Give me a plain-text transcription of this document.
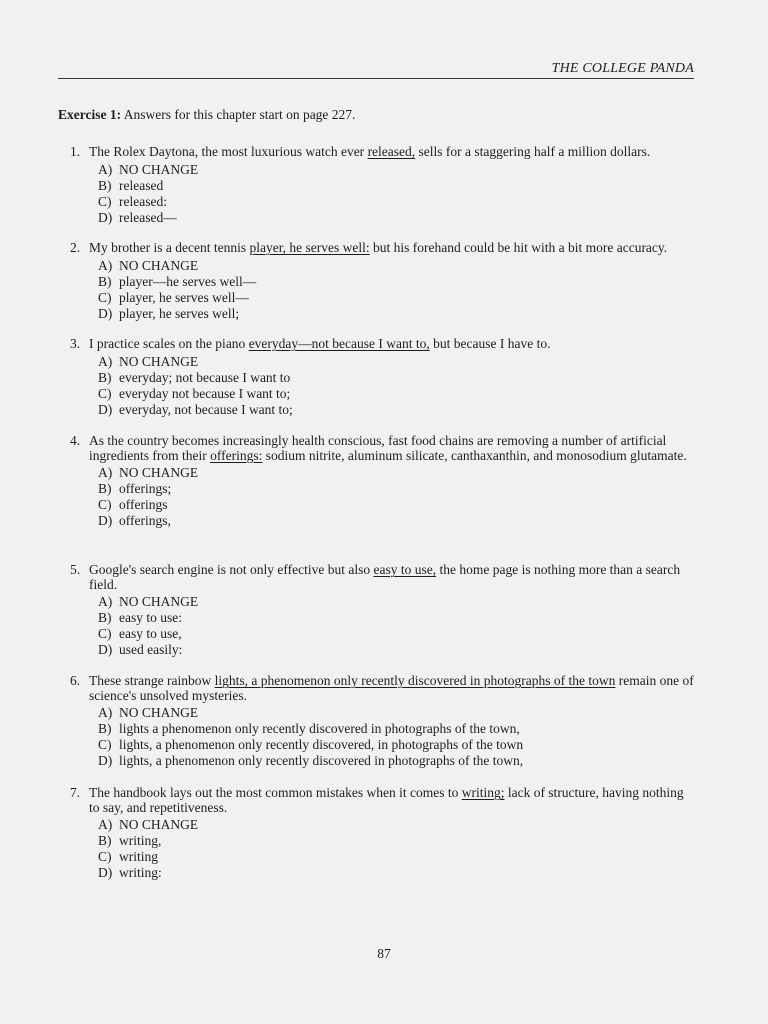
THE COLLEGE PANDA
Exercise 1: Answers for this chapter start on page 227.
1. The Rolex Daytona, the most luxurious watch ever released, sells for a staggering half a million dollars.
A) NO CHANGE
B) released
C) released:
D) released—
2. My brother is a decent tennis player, he serves well: but his forehand could be hit with a bit more accuracy.
A) NO CHANGE
B) player—he serves well—
C) player, he serves well—
D) player, he serves well;
3. I practice scales on the piano everyday—not because I want to, but because I have to.
A) NO CHANGE
B) everyday; not because I want to
C) everyday not because I want to;
D) everyday, not because I want to;
4. As the country becomes increasingly health conscious, fast food chains are removing a number of artificial ingredients from their offerings: sodium nitrite, aluminum silicate, canthaxanthin, and monosodium glutamate.
A) NO CHANGE
B) offerings;
C) offerings
D) offerings,
5. Google's search engine is not only effective but also easy to use, the home page is nothing more than a search field.
A) NO CHANGE
B) easy to use:
C) easy to use,
D) used easily:
6. These strange rainbow lights, a phenomenon only recently discovered in photographs of the town remain one of science's unsolved mysteries.
A) NO CHANGE
B) lights a phenomenon only recently discovered in photographs of the town,
C) lights, a phenomenon only recently discovered, in photographs of the town
D) lights, a phenomenon only recently discovered in photographs of the town,
7. The handbook lays out the most common mistakes when it comes to writing; lack of structure, having nothing to say, and repetitiveness.
A) NO CHANGE
B) writing,
C) writing
D) writing:
87
